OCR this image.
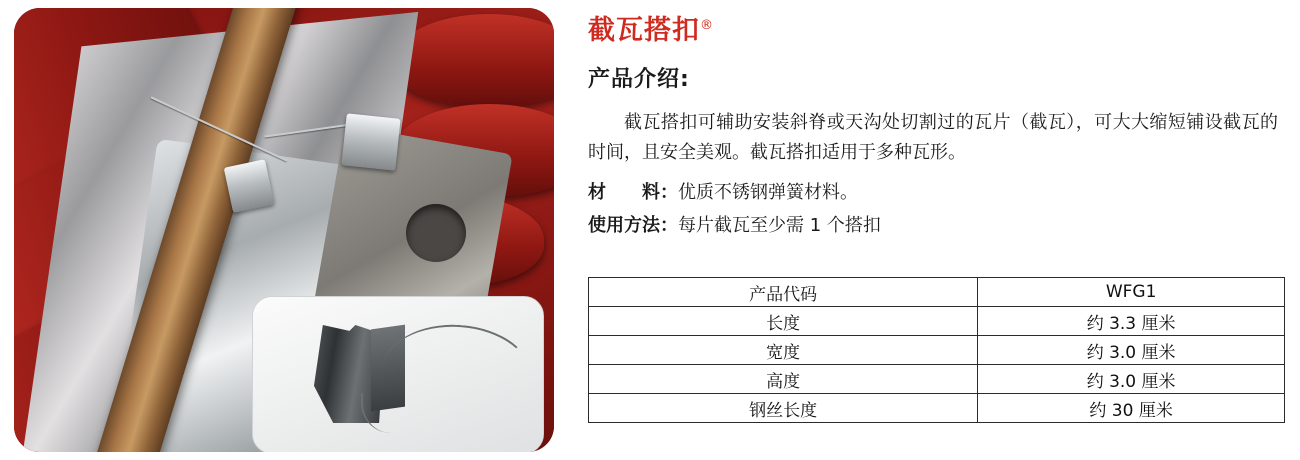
截瓦搭扣®
产品介绍:
截瓦搭扣可辅助安装斜脊或天沟处切割过的瓦片（截瓦），可大大缩短铺设截瓦的时间，且安全美观。截瓦搭扣适用于多种瓦形。
材　　料：优质不锈钢弹簧材料。
使用方法：每片截瓦至少需 1 个搭扣
产品代码	WFG1
长度	约 3.3 厘米
宽度	约 3.0 厘米
高度	约 3.0 厘米
钢丝长度	约 30 厘米
